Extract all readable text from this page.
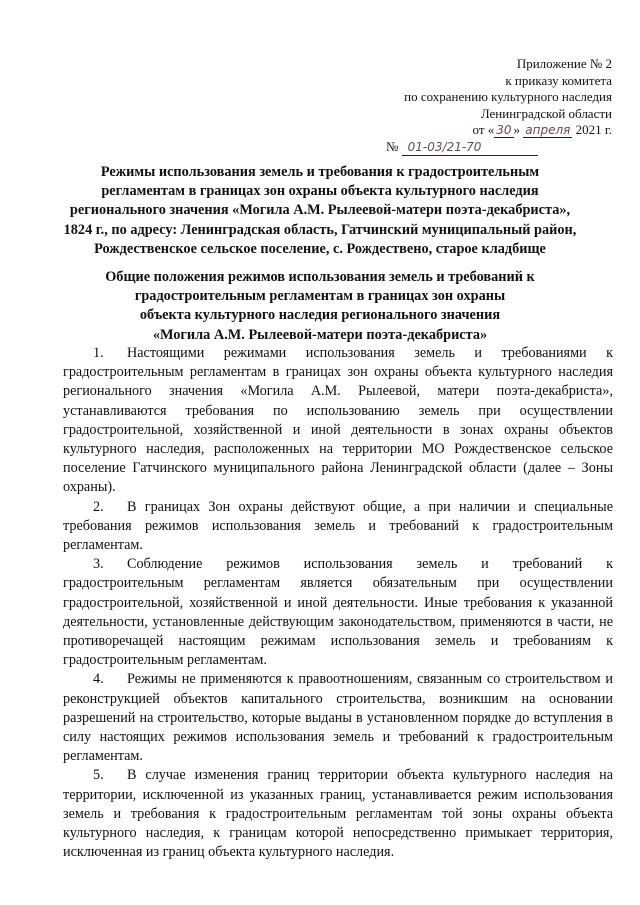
Приложение № 2
к приказу комитета
по сохранению культурного наследия
Ленинградской области
от « 30 » апреля 2021 г.
№ 01-03/21-70
Режимы использования земель и требования к градостроительным
регламентам в границах зон охраны объекта культурного наследия
регионального значения «Могила А.М. Рылеевой-матери поэта-декабриста»,
1824 г., по адресу: Ленинградская область, Гатчинский муниципальный район,
Рождественское сельское поселение, с. Рождествено, старое кладбище
Общие положения режимов использования земель и требований к
градостроительным регламентам в границах зон охраны
объекта культурного наследия регионального значения
«Могила А.М. Рылеевой-матери поэта-декабриста»

1. Настоящими режимами использования земель и требованиями к градостроительным регламентам в границах зон охраны объекта культурного наследия регионального значения «Могила А.М. Рылеевой, матери поэта-декабриста», устанавливаются требования по использованию земель при осуществлении градостроительной, хозяйственной и иной деятельности в зонах охраны объектов культурного наследия, расположенных на территории МО Рождественское сельское поселение Гатчинского муниципального района Ленинградской области (далее – Зоны охраны).

2. В границах Зон охраны действуют общие, а при наличии и специальные требования режимов использования земель и требований к градостроительным регламентам.

3. Соблюдение режимов использования земель и требований к градостроительным регламентам является обязательным при осуществлении градостроительной, хозяйственной и иной деятельности. Иные требования к указанной деятельности, установленные действующим законодательством, применяются в части, не противоречащей настоящим режимам использования земель и требованиям к градостроительным регламентам.

4. Режимы не применяются к правоотношениям, связанным со строительством и реконструкцией объектов капитального строительства, возникшим на основании разрешений на строительство, которые выданы в установленном порядке до вступления в силу настоящих режимов использования земель и требований к градостроительным регламентам.

5. В случае изменения границ территории объекта культурного наследия на территории, исключенной из указанных границ, устанавливается режим использования земель и требования к градостроительным регламентам той зоны охраны объекта культурного наследия, к границам которой непосредственно примыкает территория, исключенная из границ объекта культурного наследия.
